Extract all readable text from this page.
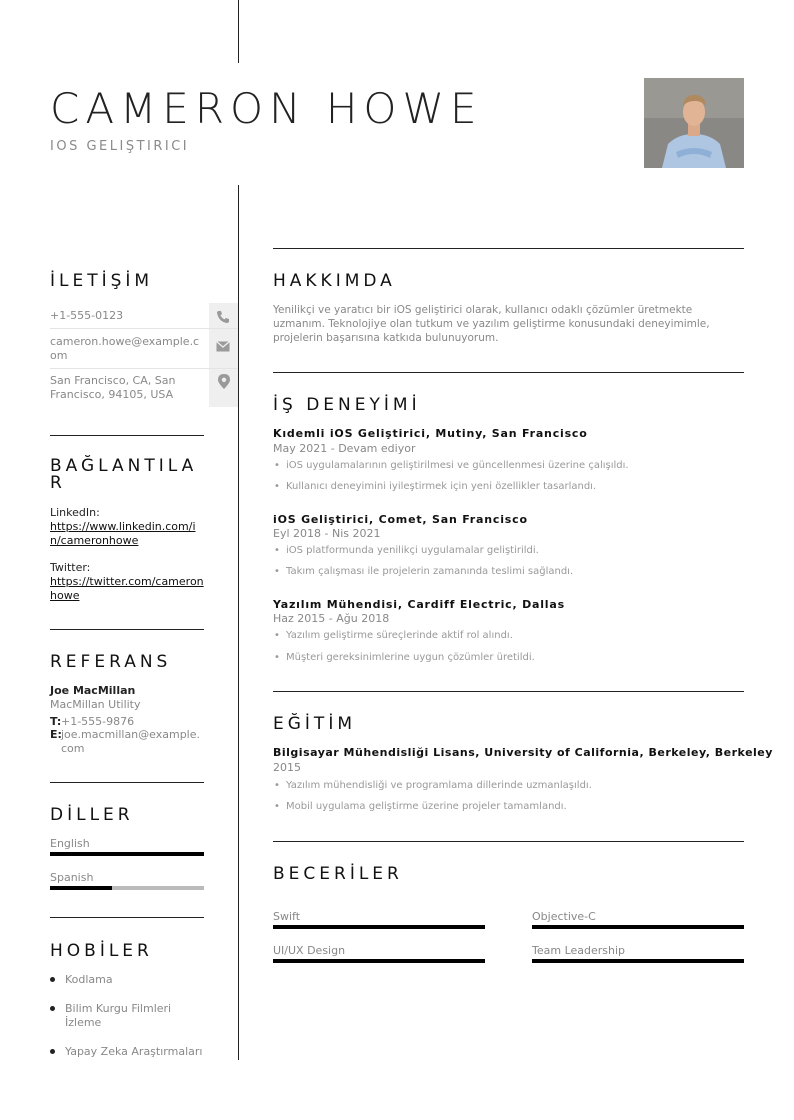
CAMERON HOWE
IOS GELIŞTIRICI
İLETİŞİM
+1-555-0123
cameron.howe@example.com
San Francisco, CA, San Francisco, 94105, USA
BAĞLANTILAR
LinkedIn:
https://www.linkedin.com/in/cameronhowe
Twitter:
https://twitter.com/cameronhowe
REFERANS
Joe MacMillan
MacMillan Utility
T: +1-555-9876
E: joe.macmillan@example.com
DİLLER
English
Spanish
HOBİLER
Kodlama
Bilim Kurgu Filmleri İzleme
Yapay Zeka Araştırmaları
HAKKIMDA
Yenilikçi ve yaratıcı bir iOS geliştirici olarak, kullanıcı odaklı çözümler üretmekte uzmanım. Teknolojiye olan tutkum ve yazılım geliştirme konusundaki deneyimimle, projelerin başarısına katkıda bulunuyorum.
İŞ DENEYİMİ
Kıdemli iOS Geliştirici, Mutiny, San Francisco
May 2021 - Devam ediyor
• iOS uygulamalarının geliştirilmesi ve güncellenmesi üzerine çalışıldı.
• Kullanıcı deneyimini iyileştirmek için yeni özellikler tasarlandı.
iOS Geliştirici, Comet, San Francisco
Eyl 2018 - Nis 2021
• iOS platformunda yenilikçi uygulamalar geliştirildi.
• Takım çalışması ile projelerin zamanında teslimi sağlandı.
Yazılım Mühendisi, Cardiff Electric, Dallas
Haz 2015 - Ağu 2018
• Yazılım geliştirme süreçlerinde aktif rol alındı.
• Müşteri gereksinimlerine uygun çözümler üretildi.
EĞİTİM
Bilgisayar Mühendisliği Lisans, University of California, Berkeley, Berkeley
2015
• Yazılım mühendisliği ve programlama dillerinde uzmanlaşıldı.
• Mobil uygulama geliştirme üzerine projeler tamamlandı.
BECERİLER
Swift	Objective-C
UI/UX Design	Team Leadership
